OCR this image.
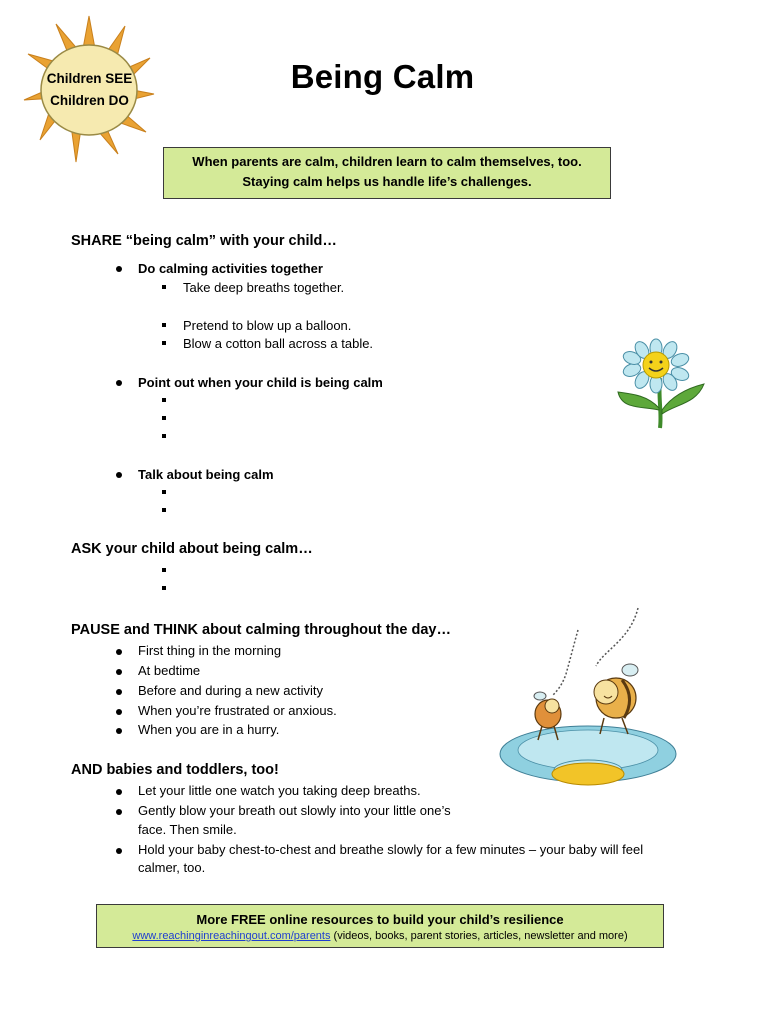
Children SEE
Children DO
Being Calm
When parents are calm, children learn to calm themselves, too.
Staying calm helps us handle life’s challenges.
SHARE “being calm” with your child…
Do calming activities together
Take deep breaths together.
Pretend to blow up a balloon.
Blow a cotton ball across a table.
Point out when your child is being calm
Talk about being calm
ASK your child about being calm…
PAUSE and THINK about calming throughout the day…
First thing in the morning
At bedtime
Before and during a new activity
When you’re frustrated or anxious.
When you are in a hurry.
AND babies and toddlers, too!
Let your little one watch you taking deep breaths.
Gently blow your breath out slowly into your little one’s
face. Then smile.
Hold your baby chest-to-chest and breathe slowly for a few minutes – your baby will feel
calmer, too.
More FREE online resources to build your child’s resilience
www.reachinginreachingout.com/parents (videos, books, parent stories, articles, newsletter and more)
